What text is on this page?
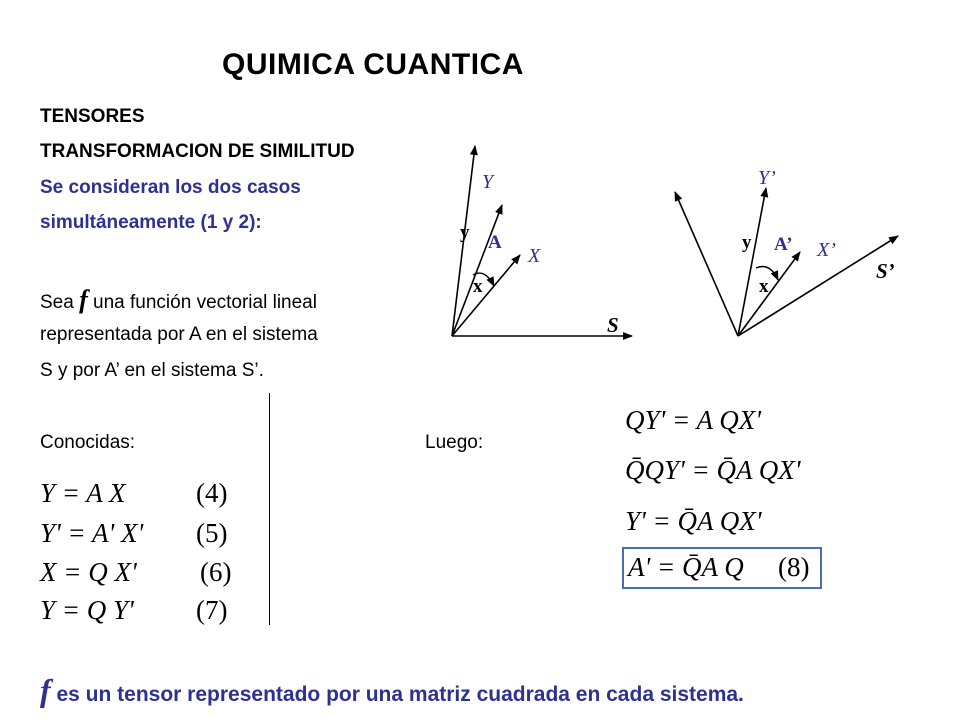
QUIMICA CUANTICA
TENSORES
TRANSFORMACION DE SIMILITUD
Se consideran los dos casos
simultáneamente (1 y 2):
Sea f una función vectorial lineal
representada por A en el sistema
S y por A’ en el sistema S’.
Conocidas:	Luego:
Y = A X	(4)
Y' = A' X' (5)
X = Q X' (6)
Y = Q Y' (7)
QY' = A QX'
Q̄QY' = Q̄A QX'
Y' = Q̄A QX'
A' = Q̄A Q (8)
Y
X
y
x
A
S
Y’
X’
y
x
A’
S’
f es un tensor representado por una matriz cuadrada en cada sistema.
